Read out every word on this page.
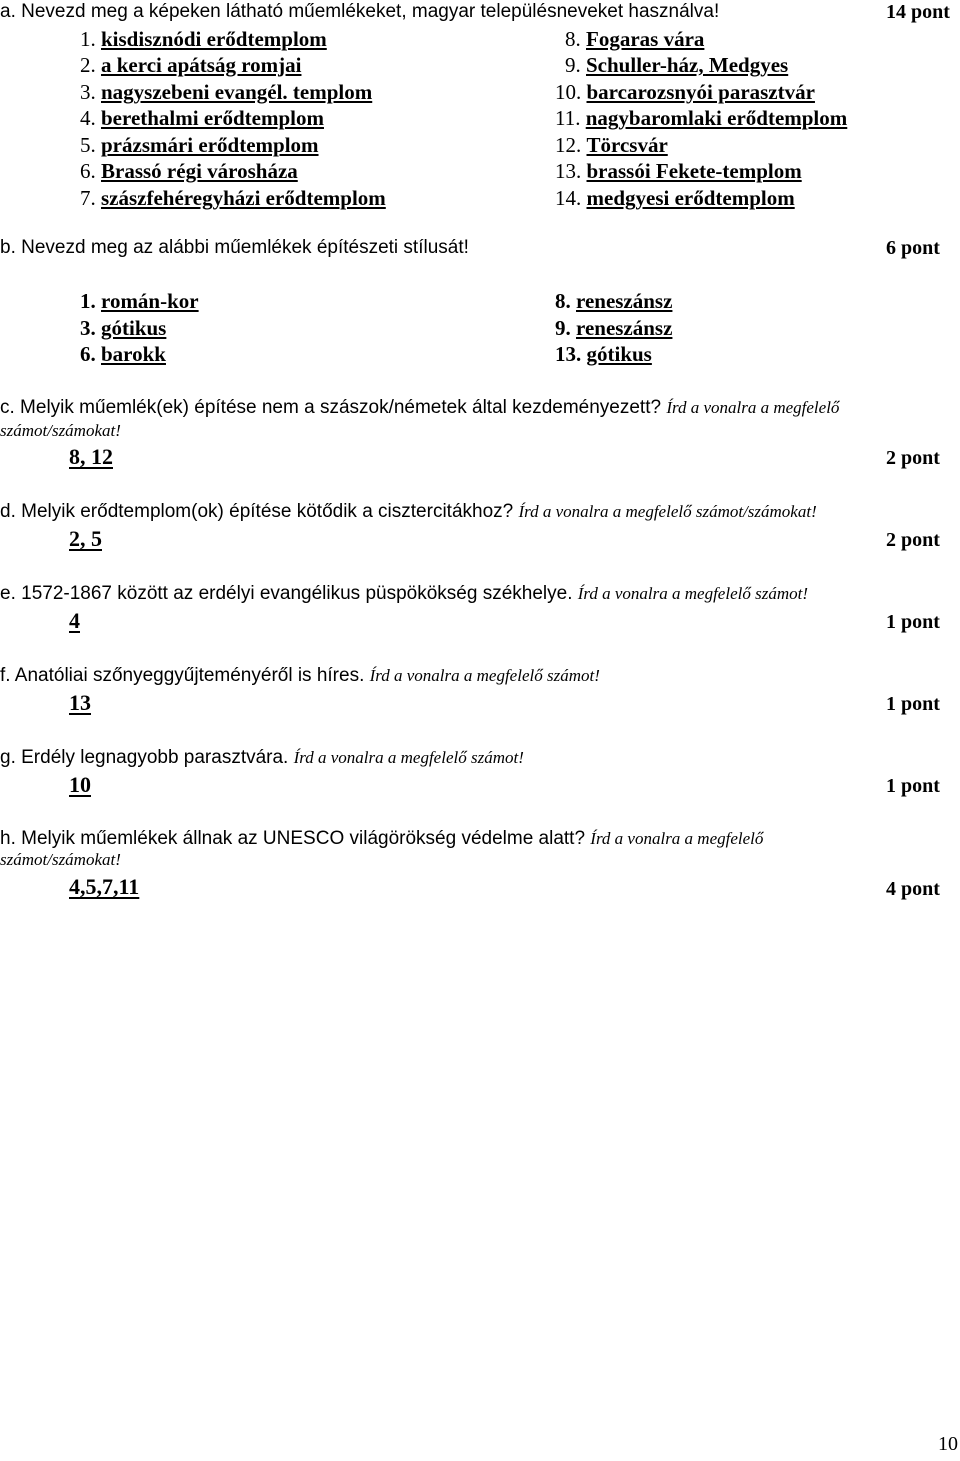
a. Nevezd meg a képeken látható műemlékeket, magyar településneveket használva!	14 pont
1. kisdisznódi erődtemplom
2. a kerci apátság romjai
3. nagyszebeni evangél. templom
4. berethalmi erődtemplom
5. prázsmári erődtemplom
6. Brassó régi városháza
7. szászfehéregyházi erődtemplom
8. Fogaras vára
9. Schuller-ház, Medgyes
10. barcarozsnyói parasztvár
11. nagybaromlaki erődtemplom
12. Törcsvár
13. brassói Fekete-templom
14. medgyesi erődtemplom
b. Nevezd meg az alábbi műemlékek építészeti stílusát!	6 pont
1. román-kor
3. gótikus
6. barokk
8. reneszánsz
9. reneszánsz
13. gótikus
c. Melyik műemlék(ek) építése nem a szászok/németek által kezdeményezett? Írd a vonalra a megfelelő
számot/számokat!
8, 12	2 pont
d. Melyik erődtemplom(ok) építése kötődik a cisztercitákhoz? Írd a vonalra a megfelelő számot/számokat!
2, 5	2 pont
e. 1572-1867 között az erdélyi evangélikus püspökökség székhelye. Írd a vonalra a megfelelő számot!
4	1 pont
f. Anatóliai szőnyeggyűjteményéről is híres. Írd a vonalra a megfelelő számot!
13	1 pont
g. Erdély legnagyobb parasztvára. Írd a vonalra a megfelelő számot!
10	1 pont
h. Melyik műemlékek állnak az UNESCO világörökség védelme alatt? Írd a vonalra a megfelelő
számot/számokat!
4,5,7,11	4 pont
10
